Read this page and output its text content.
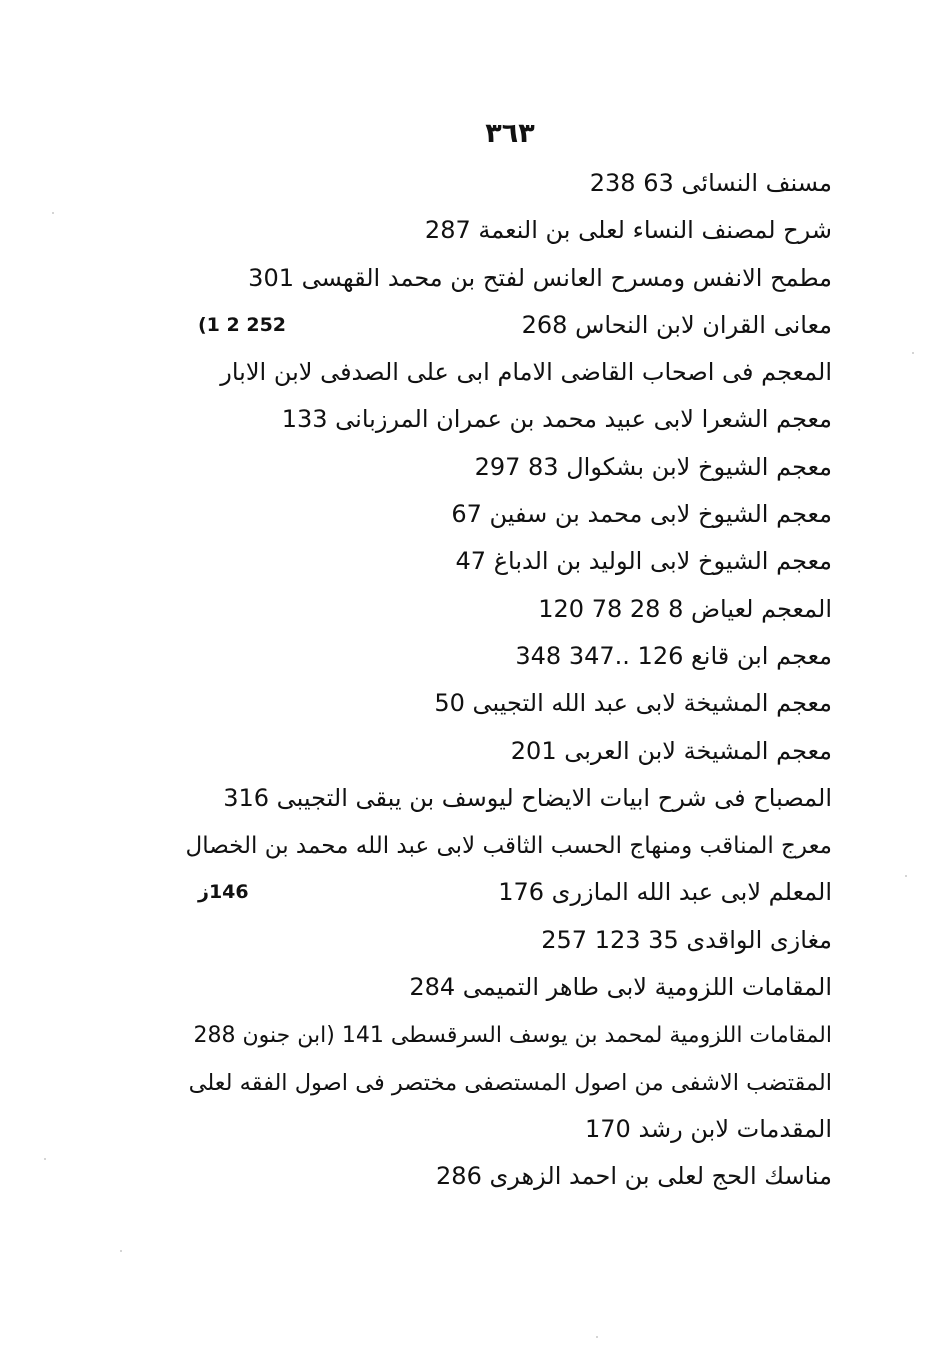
٣٦٣
مسنف النسائی 63 238
شرح لمصنف النساء لعلی بن النعمة 287
مطمح الانفس ومسرح العانس لفتح بن محمد القهسی 301
معانی القران لابن النحاس 268
(1 2 252
المعجم فی اصحاب القاضی الامام ابی علی الصدفی لابن الابار
معجم الشعرا لابی عبید محمد بن عمران المرزبانی 133
معجم الشیوخ لابن بشکوال 83 297
معجم الشیوخ لابی محمد بن سفین 67
معجم الشیوخ لابی الولید بن الدباغ 47
المعجم لعیاض 8 28 78 120
معجم ابن قانع 126 ..347 348
معجم المشیخة لابی عبد الله التجیبی 50
معجم المشیخة لابن العربی 201
المصباح فی شرح ابیات الایضاح لیوسف بن یبقی التجیبی 316
معرج المناقب ومنهاج الحسب الثاقب لابی عبد الله محمد بن الخصال
المعلم لابی عبد الله المازری 176
146ز
مغازی الواقدی 35 123 257
المقامات اللزومیة لابی طاهر التمیمی 284
المقامات اللزومیة لمحمد بن یوسف السرقسطی 141 (ابن جنون 288
المقتضب الاشفی من اصول المستصفی مختصر فی اصول الفقه لعلی
المقدمات لابن رشد 170
مناسك الحج لعلی بن احمد الزهری 286
